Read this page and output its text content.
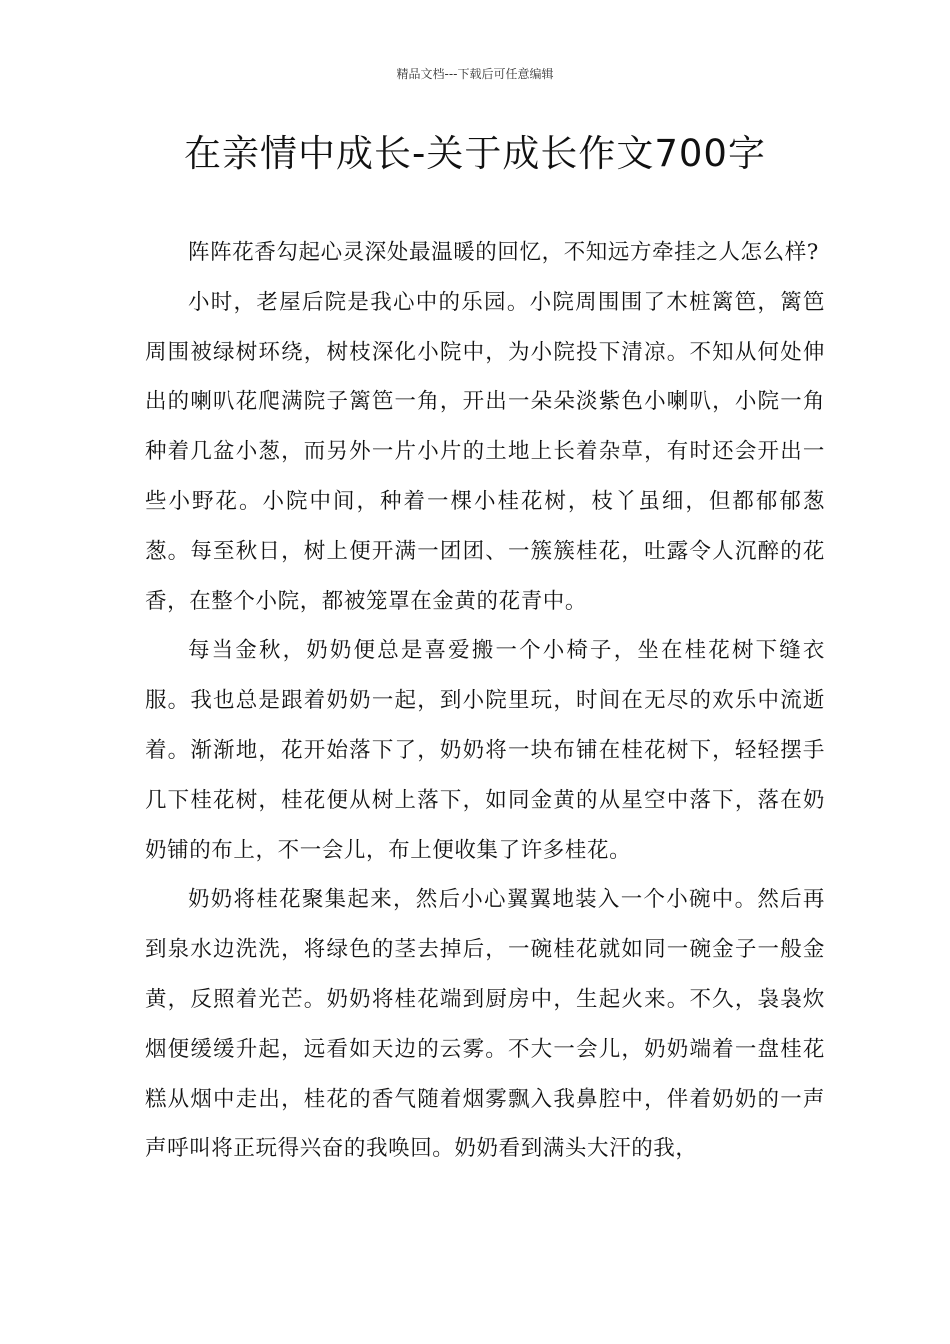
精品文档---下载后可任意编辑
在亲情中成长-关于成长作文700字

阵阵花香勾起心灵深处最温暖的回忆，不知远方牵挂之人怎么样?

小时，老屋后院是我心中的乐园。小院周围围了木桩篱笆，篱笆周围被绿树环绕，树枝深化小院中，为小院投下清凉。不知从何处伸出的喇叭花爬满院子篱笆一角，开出一朵朵淡紫色小喇叭，小院一角种着几盆小葱，而另外一片小片的土地上长着杂草，有时还会开出一些小野花。小院中间，种着一棵小桂花树，枝丫虽细，但都郁郁葱葱。每至秋日，树上便开满一团团、一簇簇桂花，吐露令人沉醉的花香，在整个小院，都被笼罩在金黄的花青中。

每当金秋，奶奶便总是喜爱搬一个小椅子，坐在桂花树下缝衣服。我也总是跟着奶奶一起，到小院里玩，时间在无尽的欢乐中流逝着。渐渐地，花开始落下了，奶奶将一块布铺在桂花树下，轻轻摆手几下桂花树，桂花便从树上落下，如同金黄的从星空中落下，落在奶奶铺的布上，不一会儿，布上便收集了许多桂花。

奶奶将桂花聚集起来，然后小心翼翼地装入一个小碗中。然后再到泉水边洗洗，将绿色的茎去掉后，一碗桂花就如同一碗金子一般金黄，反照着光芒。奶奶将桂花端到厨房中，生起火来。不久，袅袅炊烟便缓缓升起，远看如天边的云雾。不大一会儿，奶奶端着一盘桂花糕从烟中走出，桂花的香气随着烟雾飘入我鼻腔中，伴着奶奶的一声声呼叫将正玩得兴奋的我唤回。奶奶看到满头大汗的我，
